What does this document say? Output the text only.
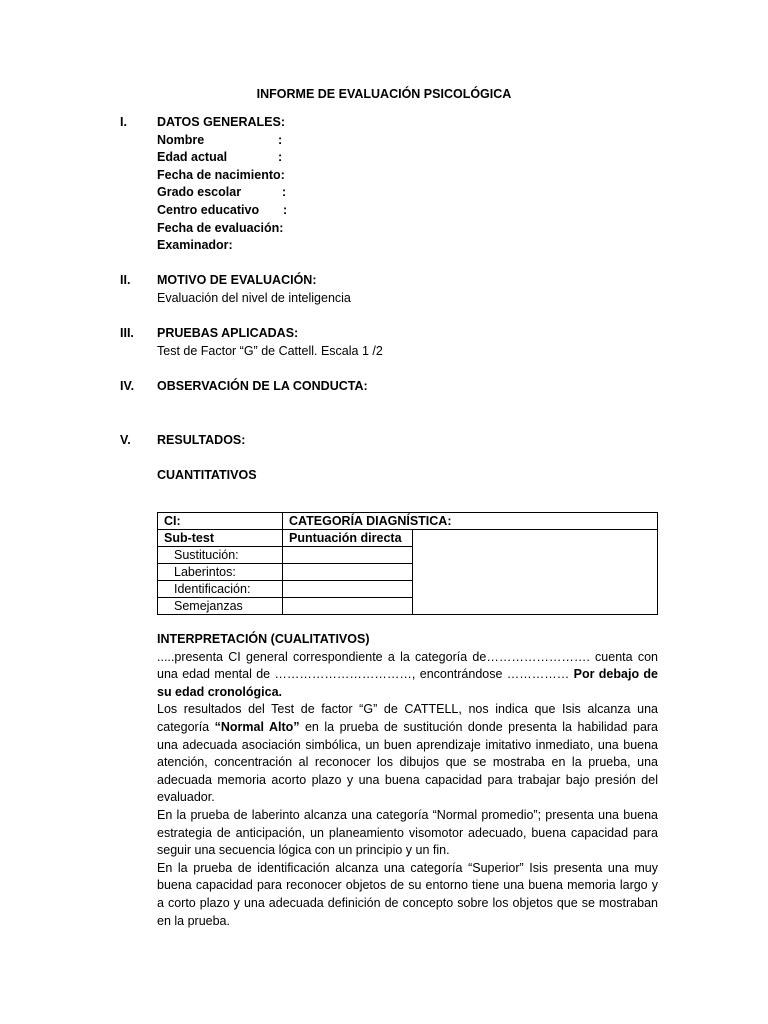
INFORME DE EVALUACIÓN PSICOLÓGICA
I.	DATOS GENERALES:
Nombre	:
Edad actual	:
Fecha de nacimiento:
Grado escolar	:
Centro educativo :
Fecha de evaluación:
Examinador:
II.	MOTIVO DE EVALUACIÓN:
Evaluación del nivel de inteligencia
III.	PRUEBAS APLICADAS:
Test de Factor “G” de Cattell. Escala 1 /2
IV.	OBSERVACIÓN DE LA CONDUCTA:
V.	RESULTADOS:
CUANTITATIVOS
CI:	CATEGORÍA DIAGNÍSTICA:	
Sub-test	Puntuación directa	
Sustitución:		
Laberintos:		
Identificación:		
Semejanzas		

INTERPRETACIÓN (CUALITATIVOS)

.....presenta CI general correspondiente a la categoría de……………………. cuenta con una edad mental de ……………………………, encontrándose …………… Por debajo de su edad cronológica.

Los resultados del Test de factor “G” de CATTELL, nos indica que Isis alcanza una categoría “Normal Alto” en la prueba de sustitución donde presenta la habilidad para una adecuada asociación simbólica, un buen aprendizaje imitativo inmediato, una buena atención, concentración al reconocer los dibujos que se mostraba en la prueba, una adecuada memoria acorto plazo y una buena capacidad para trabajar bajo presión del evaluador.

En la prueba de laberinto alcanza una categoría “Normal promedio”; presenta una buena estrategia de anticipación, un planeamiento visomotor adecuado, buena capacidad para seguir una secuencia lógica con un principio y un fin.

En la prueba de identificación alcanza una categoría “Superior” Isis presenta una muy buena capacidad para reconocer objetos de su entorno tiene una buena memoria largo y a corto plazo y una adecuada definición de concepto sobre los objetos que se mostraban en la prueba.
